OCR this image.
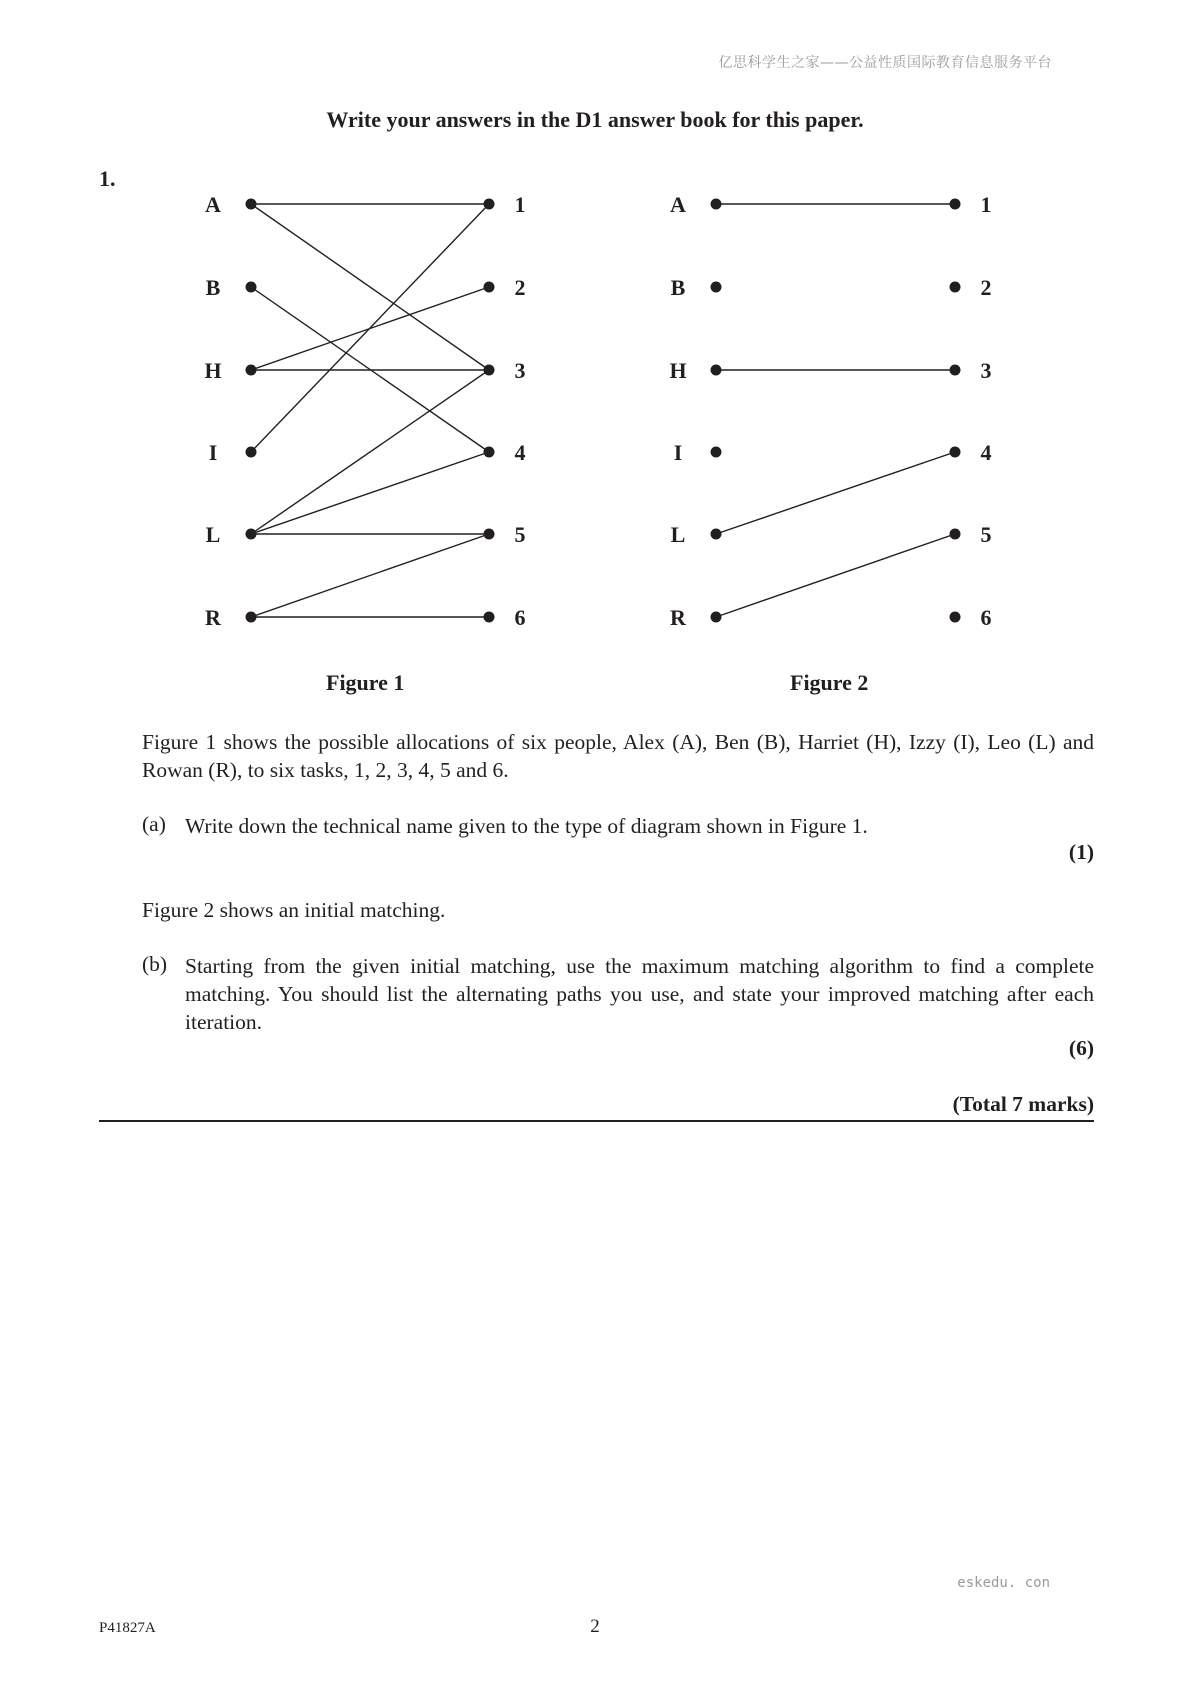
亿思科学生之家——公益性质国际教育信息服务平台
Write your answers in the D1 answer book for this paper.
1.
A
B
H
I
L
R
1
2
3
4
5
6
A
B
H
I
L
R
1
2
3
4
5
6
Figure 1	Figure 2
Figure 1 shows the possible allocations of six people, Alex (A), Ben (B), Harriet (H), Izzy (I), Leo (L) and Rowan (R), to six tasks, 1, 2, 3, 4, 5 and 6.
(a) Write down the technical name given to the type of diagram shown in Figure 1.
(1)
Figure 2 shows an initial matching.
(b) Starting from the given initial matching, use the maximum matching algorithm to find a complete matching. You should list the alternating paths you use, and state your improved matching after each iteration.
(6)
(Total 7 marks)
eskedu. con
P41827A	2
